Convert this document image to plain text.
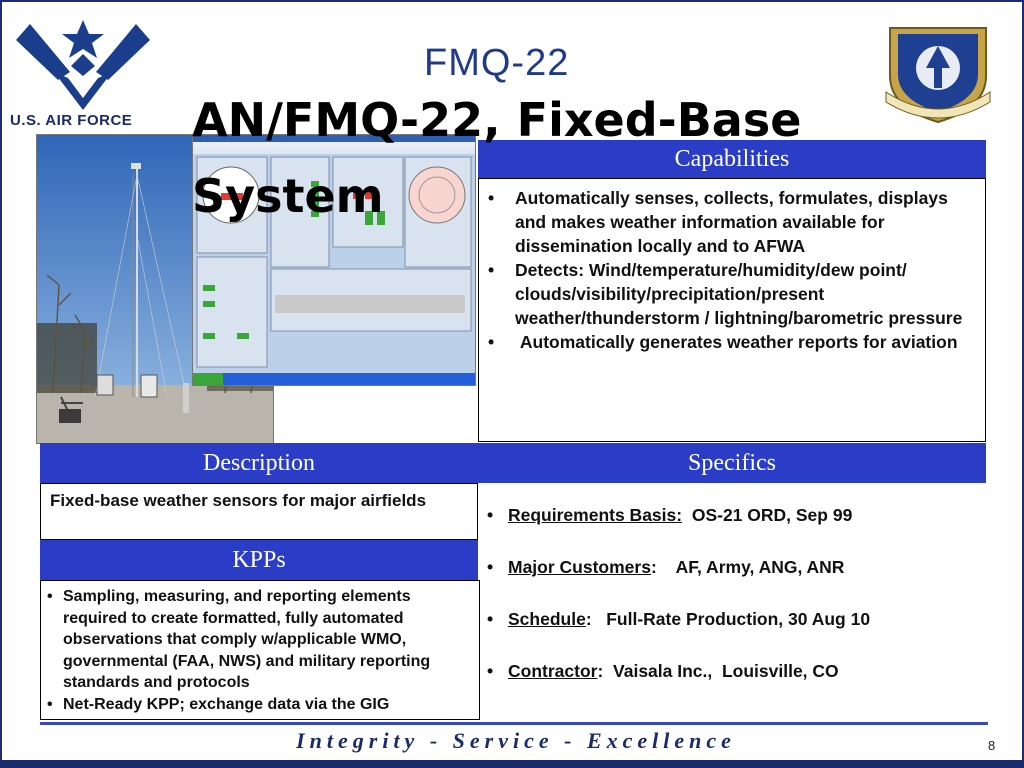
U.S. AIR FORCE
FMQ-22
AN/FMQ-22, Fixed-Base System
Capabilities
• Automatically senses, collects, formulates, displays and makes weather information available for dissemination locally and to AFWA
• Detects: Wind/temperature/humidity/dew point/ clouds/visibility/precipitation/present weather/thunderstorm / lightning/barometric pressure
• Automatically generates weather reports for aviation
Description
Fixed-base weather sensors for major airfields
KPPs
• Sampling, measuring, and reporting elements required to create formatted, fully automated observations that comply w/applicable WMO, governmental (FAA, NWS) and military reporting standards and protocols
• Net-Ready KPP; exchange data via the GIG
Specifics
• Requirements Basis: OS-21 ORD, Sep 99
• Major Customers: AF, Army, ANG, ANR
• Schedule: Full-Rate Production, 30 Aug 10
• Contractor: Vaisala Inc.,  Louisville, CO
Integrity - Service - Excellence	8
